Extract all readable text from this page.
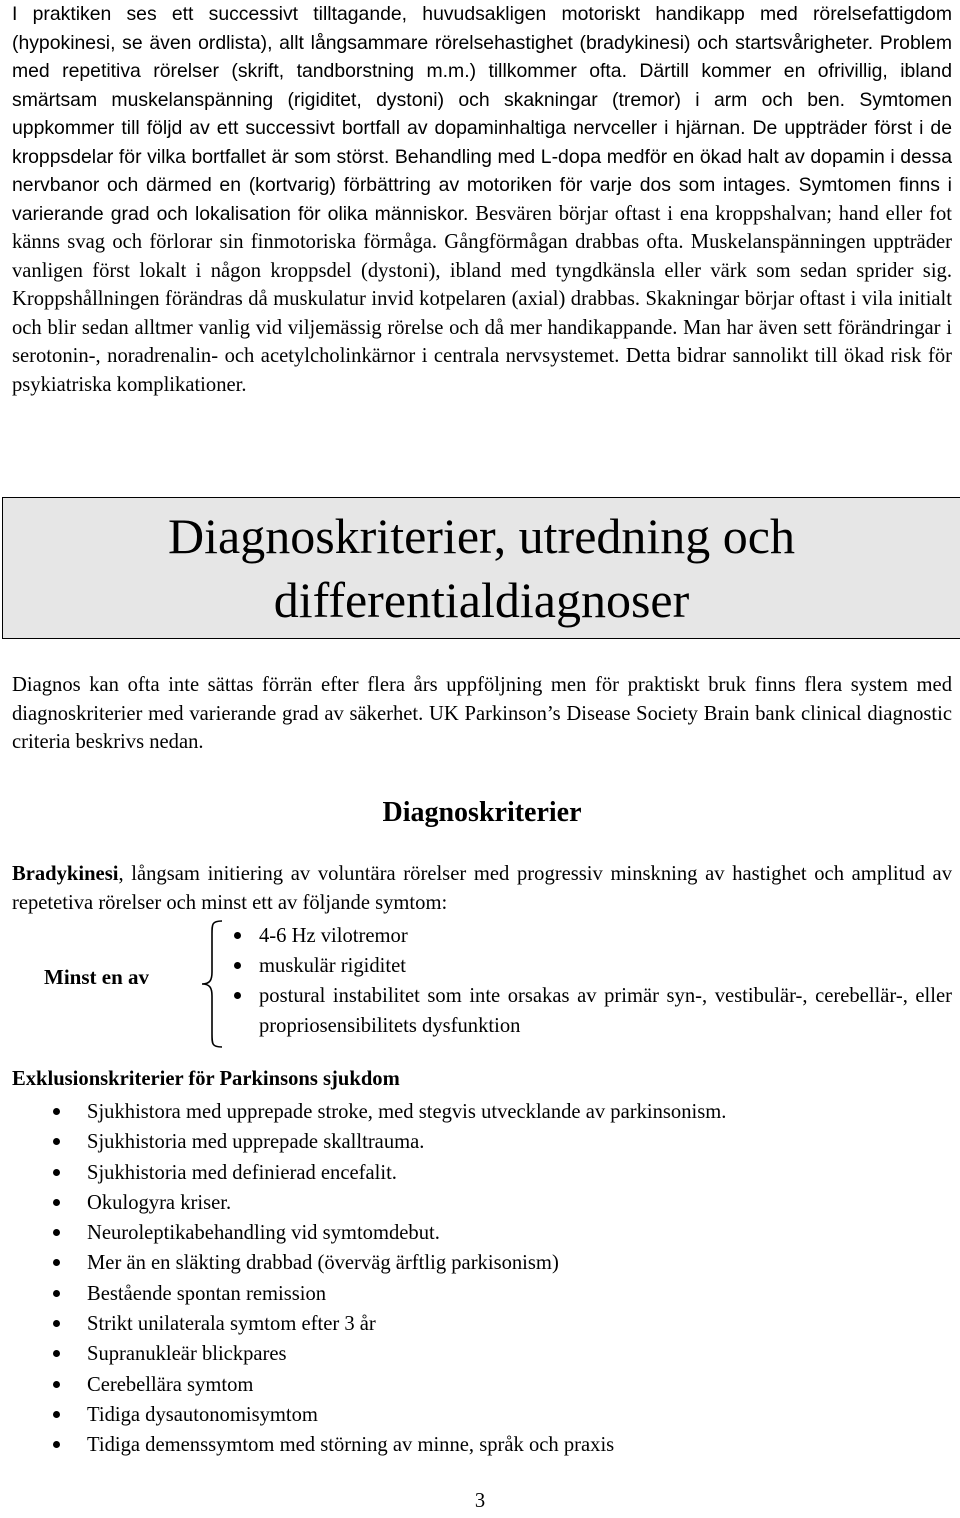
I praktiken ses ett successivt tilltagande, huvudsakligen motoriskt handikapp med rörelsefattigdom (hypokinesi, se även ordlista), allt långsammare rörelsehastighet (bradykinesi) och startsvårigheter. Problem med repetitiva rörelser (skrift, tandborstning m.m.) tillkommer ofta. Därtill kommer en ofrivillig, ibland smärtsam muskelanspänning (rigiditet, dystoni) och skakningar (tremor) i arm och ben. Symtomen uppkommer till följd av ett successivt bortfall av dopaminhaltiga nervceller i hjärnan. De uppträder först i de kroppsdelar för vilka bortfallet är som störst. Behandling med L-dopa medför en ökad halt av dopamin i dessa nervbanor och därmed en (kortvarig) förbättring av motoriken för varje dos som intages. Symtomen finns i varierande grad och lokalisation för olika människor. Besvären börjar oftast i ena kroppshalvan; hand eller fot känns svag och förlorar sin finmotoriska förmåga. Gångförmågan drabbas ofta. Muskelanspänningen uppträder vanligen först lokalt i någon kroppsdel (dystoni), ibland med tyngdkänsla eller värk som sedan sprider sig. Kroppshållningen förändras då muskulatur invid kotpelaren (axial) drabbas. Skakningar börjar oftast i vila initialt och blir sedan alltmer vanlig vid viljemässig rörelse och då mer handikappande. Man har även sett förändringar i serotonin-, noradrenalin- och acetylcholinkärnor i centrala nervsystemet. Detta bidrar sannolikt till ökad risk för psykiatriska komplikationer.
Diagnoskriterier, utredning och differentialdiagnoser
Diagnos kan ofta inte sättas förrän efter flera års uppföljning men för praktiskt bruk finns flera system med diagnoskriterier med varierande grad av säkerhet. UK Parkinson’s Disease Society Brain bank clinical diagnostic criteria beskrivs nedan.
Diagnoskriterier
Bradykinesi, långsam initiering av voluntära rörelser med progressiv minskning av hastighet och amplitud av repetetiva rörelser och minst ett av följande symtom:
Minst en av
4-6 Hz vilotremor
muskulär rigiditet
postural instabilitet som inte orsakas av primär syn-, vestibulär-, cerebellär-, eller propriosensibilitets dysfunktion
Exklusionskriterier för Parkinsons sjukdom
Sjukhistora med upprepade stroke, med stegvis utvecklande av parkinsonism.
Sjukhistoria med upprepade skalltrauma.
Sjukhistoria med definierad encefalit.
Okulogyra kriser.
Neuroleptikabehandling vid symtomdebut.
Mer än en släkting drabbad (överväg ärftlig parkisonism)
Bestående spontan remission
Strikt unilaterala symtom efter 3 år
Supranukleär blickpares
Cerebellära symtom
Tidiga dysautonomisymtom
Tidiga demenssymtom med störning av minne, språk och praxis
3
